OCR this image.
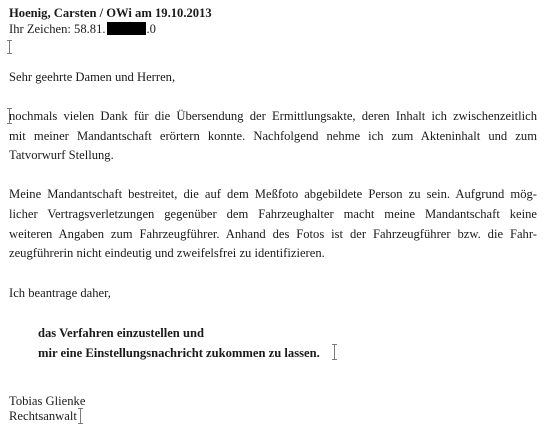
Hoenig, Carsten / OWi am 19.10.2013
Ihr Zeichen: 58.81.	.0
Sehr geehrte Damen und Herren,
nochmals vielen Dank für die Übersendung der Ermittlungsakte, deren Inhalt ich zwischenzeitlich
mit meiner Mandantschaft erörtern konnte. Nachfolgend nehme ich zum Akteninhalt und zum
Tatvorwurf Stellung.
Meine Mandantschaft bestreitet, die auf dem Meßfoto abgebildete Person zu sein. Aufgrund mög-
licher Vertragsverletzungen gegenüber dem Fahrzeughalter macht meine Mandantschaft keine
weiteren Angaben zum Fahrzeugführer. Anhand des Fotos ist der Fahrzeugführer bzw. die Fahr-
zeugführerin nicht eindeutig und zweifelsfrei zu identifizieren.
Ich beantrage daher,
das Verfahren einzustellen und
mir eine Einstellungsnachricht zukommen zu lassen.
Tobias Glienke
Rechtsanwalt
